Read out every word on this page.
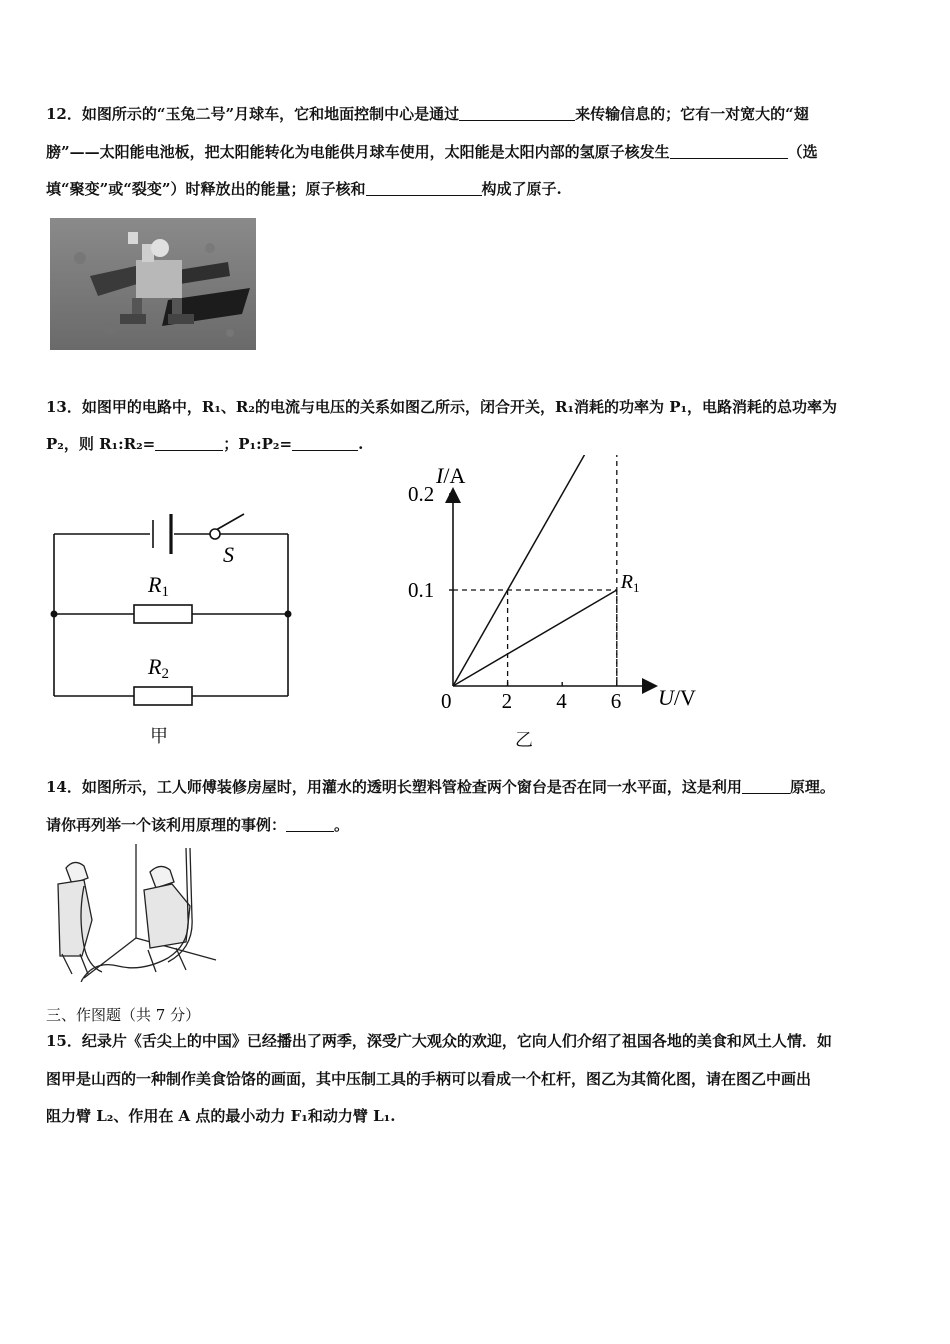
12．如图所示的“玉兔二号”月球车，它和地面控制中心是通过	来传输信息的；它有一对宽大的“翅
膀”——太阳能电池板，把太阳能转化为电能供月球车使用，太阳能是太阳内部的氢原子核发生	（选
填“聚变”或“裂变”）时释放出的能量；原子核和	构成了原子.
13．如图甲的电路中，R₁、R₂的电流与电压的关系如图乙所示，闭合开关，R₁消耗的功率为 P₁，电路消耗的总功率为
P₂，则 R₁:R₂=	；P₁:P₂=	.
S
R1
R2
甲
I/A
U/V
0.1
0.2
0 2 4 6
$R_1$
乙
14．如图所示，工人师傅装修房屋时，用灌水的透明长塑料管检查两个窗台是否在同一水平面，这是利用	原理。
请你再列举一个该利用原理的事例：	。
三、作图题（共 7 分）
15．纪录片《舌尖上的中国》已经播出了两季，深受广大观众的欢迎，它向人们介绍了祖国各地的美食和风土人情．如
图甲是山西的一种制作美食饸饹的画面，其中压制工具的手柄可以看成一个杠杆，图乙为其简化图，请在图乙中画出
阻力臂 L₂、作用在 A 点的最小动力 F₁和动力臂 L₁.
